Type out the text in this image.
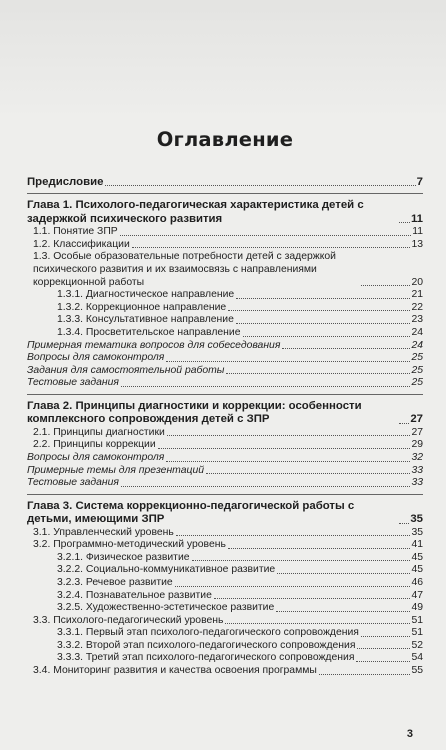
Оглавление
Предисловие	7
Глава 1. Психолого-педагогическая характеристика детей с задержкой психического развития	11
1.1. Понятие ЗПР	11
1.2. Классификации	13
1.3. Особые образовательные потребности детей с задержкой психического развития и их взаимосвязь с направлениями коррекционной работы	20
1.3.1. Диагностическое направление	21
1.3.2. Коррекционное направление	22
1.3.3. Консультативное направление	23
1.3.4. Просветительское направление	24
Примерная тематика вопросов для собеседования	24
Вопросы для самоконтроля	25
Задания для самостоятельной работы	25
Тестовые задания	25
Глава 2. Принципы диагностики и коррекции: особенности комплексного сопровождения детей с ЗПР	27
2.1. Принципы диагностики	27
2.2. Принципы коррекции	29
Вопросы для самоконтроля	32
Примерные темы для презентаций	33
Тестовые задания	33
Глава 3. Система коррекционно-педагогической работы с детьми, имеющими ЗПР	35
3.1. Управленческий уровень	35
3.2. Программно-методический уровень	41
3.2.1. Физическое развитие	45
3.2.2. Социально-коммуникативное развитие	45
3.2.3. Речевое развитие	46
3.2.4. Познавательное развитие	47
3.2.5. Художественно-эстетическое развитие	49
3.3. Психолого-педагогический уровень	51
3.3.1. Первый этап психолого-педагогического сопровождения	51
3.3.2. Второй этап психолого-педагогического сопровождения	52
3.3.3. Третий этап психолого-педагогического сопровождения	54
3.4. Мониторинг развития и качества освоения программы	55
3
